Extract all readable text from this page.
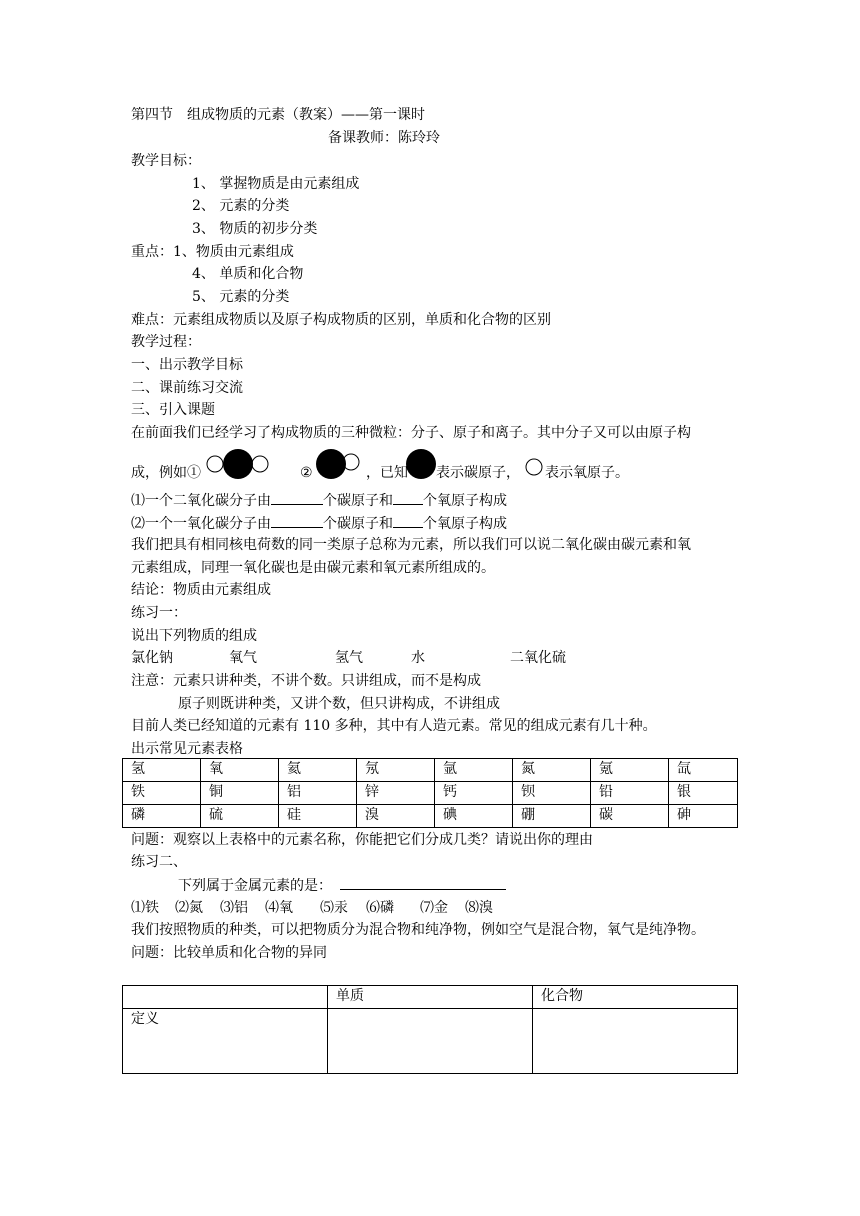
第四节　组成物质的元素（教案）——第一课时
备课教师：陈玲玲
教学目标：
1、 掌握物质是由元素组成
2、 元素的分类
3、 物质的初步分类
重点：1、物质由元素组成
4、 单质和化合物
5、 元素的分类
难点：元素组成物质以及原子构成物质的区别，单质和化合物的区别
教学过程：
一、出示教学目标
二、课前练习交流
三、引入课题
在前面我们已经学习了构成物质的三种微粒：分子、原子和离子。其中分子又可以由原子构
成，例如①	②	，已知 表示碳原子， 表示氧原子。
⑴一个二氧化碳分子由	个碳原子和 个氧原子构成
⑵一个一氧化碳分子由	个碳原子和 个氧原子构成
我们把具有相同核电荷数的同一类原子总称为元素，所以我们可以说二氧化碳由碳元素和氧
元素组成，同理一氧化碳也是由碳元素和氧元素所组成的。
结论：物质由元素组成
练习一：
说出下列物质的组成
氯化钠	氧气	氢气	水	二氧化硫
注意：元素只讲种类，不讲个数。只讲组成，而不是构成
原子则既讲种类，又讲个数，但只讲构成，不讲组成
目前人类已经知道的元素有 110 多种，其中有人造元素。常见的组成元素有几十种。
出示常见元素表格
氢	氧	氦	氖	氩	氮	氪	氙
铁	铜	铝	锌	钙	钡	铅	银
磷	硫	硅	溴	碘	硼	碳	砷
问题：观察以上表格中的元素名称，你能把它们分成几类？请说出你的理由
练习二、
下列属于金属元素的是：
⑴铁 ⑵氮 ⑶铝 ⑷氧 ⑸汞 ⑹磷 ⑺金 ⑻溴
我们按照物质的种类，可以把物质分为混合物和纯净物，例如空气是混合物，氧气是纯净物。
问题：比较单质和化合物的异同
	单质	化合物
定义		
